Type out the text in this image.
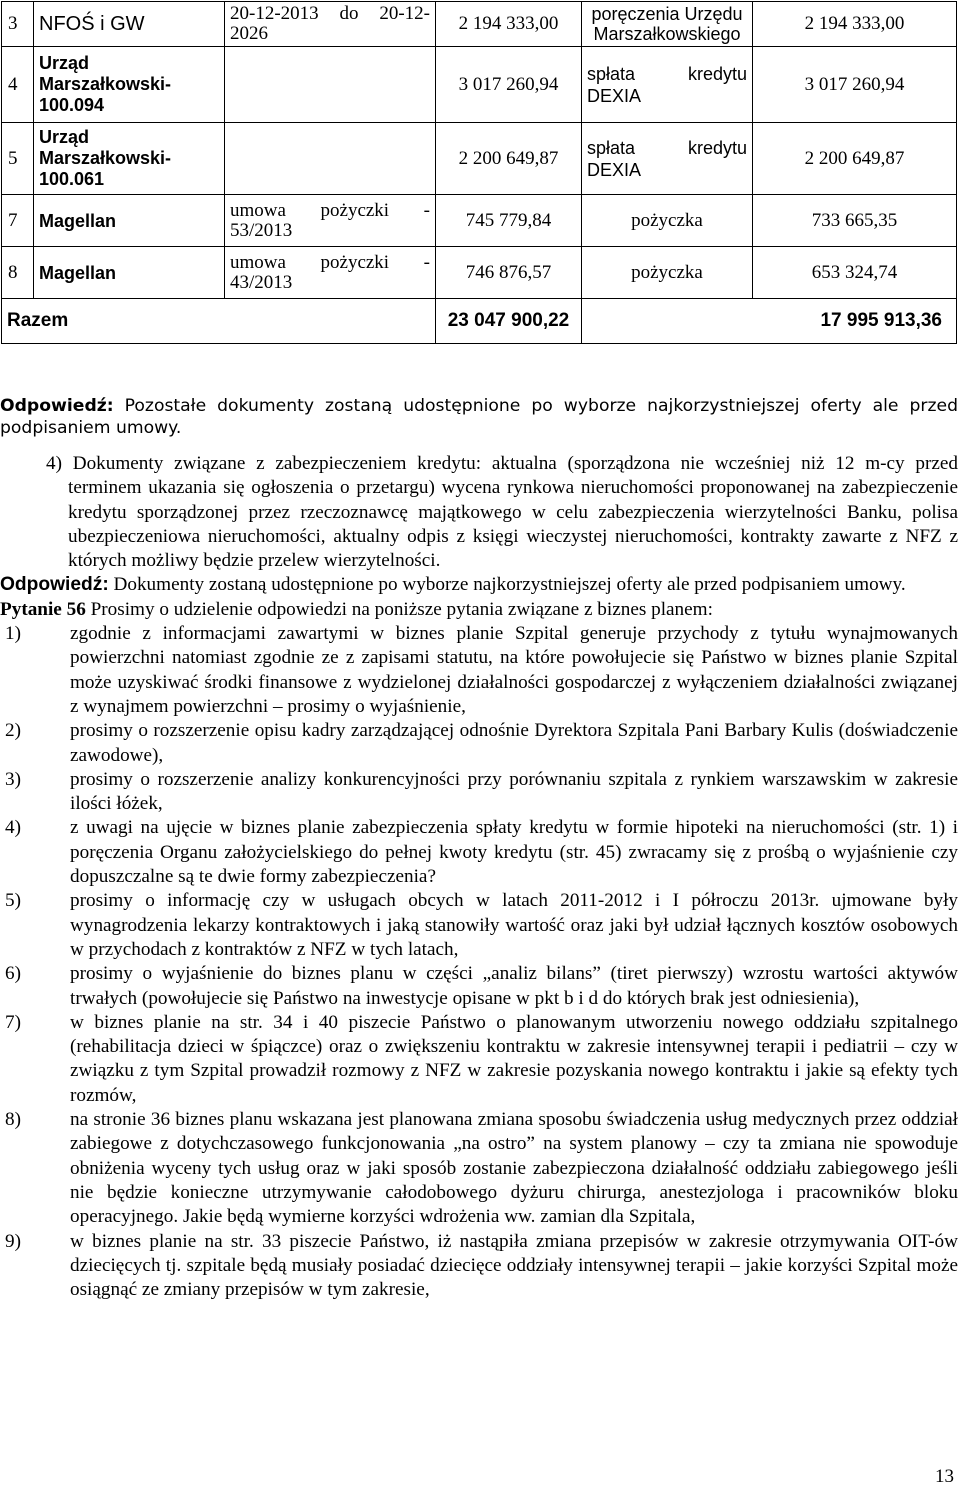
3	NFOŚ i GW	20-12-2013 do 20-12-2026	2 194 333,00	poręczenia Urzędu Marszałkowskiego	2 194 333,00
4	Urząd Marszałkowski-100.094		3 017 260,94	spłata kredytu DEXIA	3 017 260,94
5	Urząd Marszałkowski-100.061		2 200 649,87	spłata kredytu DEXIA	2 200 649,87
7	Magellan	umowa pożyczki - 53/2013	745 779,84	pożyczka	733 665,35
8	Magellan	umowa pożyczki - 43/2013	746 876,57	pożyczka	653 324,74
Razem			23 047 900,22	17 995 913,36	

Odpowiedź: Pozostałe dokumenty zostaną udostępnione po wyborze najkorzystniejszej oferty ale przed podpisaniem umowy.

4) Dokumenty związane z zabezpieczeniem kredytu: aktualna (sporządzona nie wcześniej niż 12 m-cy przed terminem ukazania się ogłoszenia o przetargu) wycena rynkowa nieruchomości proponowanej na zabezpieczenie kredytu sporządzonej przez rzeczoznawcę majątkowego w celu zabezpieczenia wierzytelności Banku, polisa ubezpieczeniowa nieruchomości, aktualny odpis z księgi wieczystej nieruchomości, kontrakty zawarte z NFZ z których możliwy będzie przelew wierzytelności.

Odpowiedź: Dokumenty zostaną udostępnione po wyborze najkorzystniejszej oferty ale przed podpisaniem umowy.

Pytanie 56 Prosimy o udzielenie odpowiedzi na poniższe pytania związane z biznes planem:

1)	zgodnie z informacjami zawartymi w biznes planie Szpital generuje przychody z tytułu wynajmowanych powierzchni natomiast zgodnie ze z zapisami statutu, na które powołujecie się Państwo w biznes planie Szpital może uzyskiwać środki finansowe z wydzielonej działalności gospodarczej z wyłączeniem działalności związanej z wynajmem powierzchni – prosimy o wyjaśnienie,
2)	prosimy o rozszerzenie opisu kadry zarządzającej odnośnie Dyrektora Szpitala Pani Barbary Kulis (doświadczenie zawodowe),
3)	prosimy o rozszerzenie analizy konkurencyjności przy porównaniu szpitala z rynkiem warszawskim w zakresie ilości łóżek,
4)	z uwagi na ujęcie w biznes planie zabezpieczenia spłaty kredytu w formie hipoteki na nieruchomości (str. 1) i poręczenia Organu założycielskiego do pełnej kwoty kredytu (str. 45) zwracamy się z prośbą o wyjaśnienie czy dopuszczalne są te dwie formy zabezpieczenia?
5)	prosimy o informację czy w usługach obcych w latach 2011-2012 i I półroczu 2013r. ujmowane były wynagrodzenia lekarzy kontraktowych i jaką stanowiły wartość oraz jaki był udział łącznych kosztów osobowych w przychodach z kontraktów z NFZ w tych latach,
6)	prosimy o wyjaśnienie do biznes planu w części „analiz bilans” (tiret pierwszy) wzrostu wartości aktywów trwałych (powołujecie się Państwo na inwestycje opisane w pkt b i d do których brak jest odniesienia),
7)	w biznes planie na str. 34 i 40 piszecie Państwo o planowanym utworzeniu nowego oddziału szpitalnego (rehabilitacja dzieci w śpiączce) oraz o zwiększeniu kontraktu w zakresie intensywnej terapii i pediatrii – czy w związku z tym Szpital prowadził rozmowy z NFZ w zakresie pozyskania nowego kontraktu i jakie są efekty tych rozmów,
8)	na stronie 36 biznes planu wskazana jest planowana zmiana sposobu świadczenia usług medycznych przez oddział zabiegowe z dotychczasowego funkcjonowania „na ostro” na system planowy – czy ta zmiana nie spowoduje obniżenia wyceny tych usług oraz w jaki sposób zostanie zabezpieczona działalność oddziału zabiegowego jeśli nie będzie konieczne utrzymywanie całodobowego dyżuru chirurga, anestezjologa i pracowników bloku operacyjnego. Jakie będą wymierne korzyści wdrożenia ww. zamian dla Szpitala,
9)	w biznes planie na str. 33 piszecie Państwo, iż nastąpiła zmiana przepisów w zakresie otrzymywania OIT-ów dziecięcych tj. szpitale będą musiały posiadać dziecięce oddziały intensywnej terapii – jakie korzyści Szpital może osiągnąć ze zmiany przepisów w tym zakresie,
13
